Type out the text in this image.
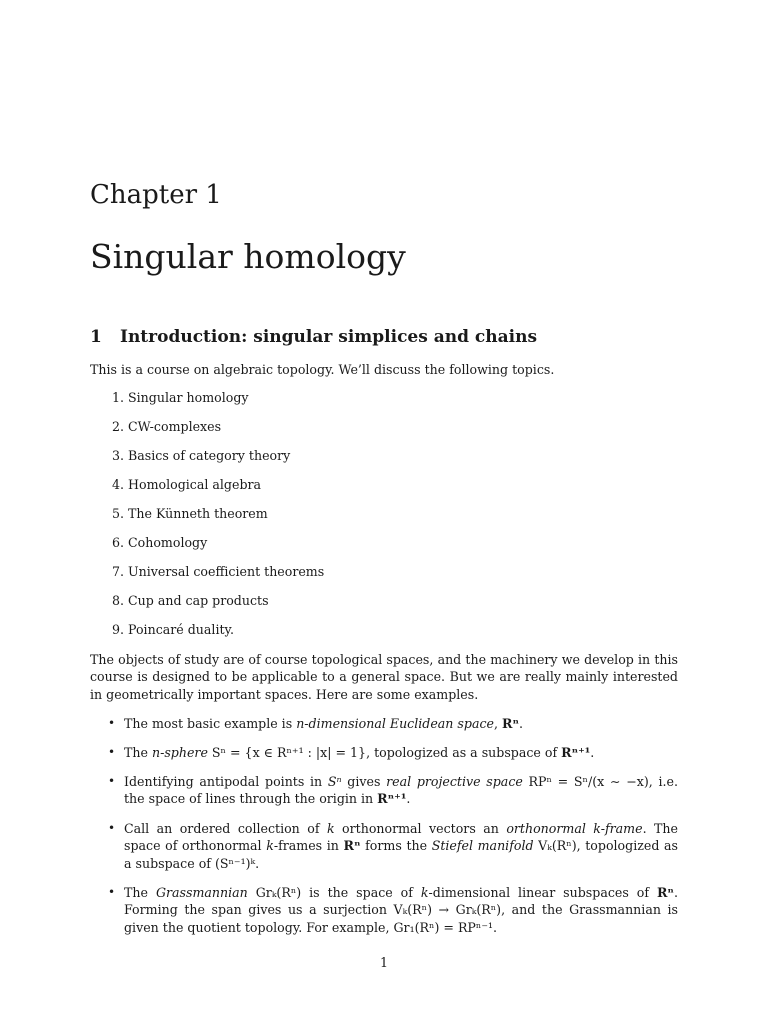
Chapter 1
Singular homology
1 Introduction: singular simplices and chains

This is a course on algebraic topology. We’ll discuss the following topics.

1. Singular homology
2. CW-complexes
3. Basics of category theory
4. Homological algebra
5. The Künneth theorem
6. Cohomology
7. Universal coefficient theorems
8. Cup and cap products
9. Poincaré duality.

The objects of study are of course topological spaces, and the machinery we develop in this course is designed to be applicable to a general space. But we are really mainly interested in geometrically important spaces. Here are some examples.

• The most basic example is n-dimensional Euclidean space, Rⁿ.

• The n-sphere Sⁿ = {x ∈ Rⁿ⁺¹ : |x| = 1}, topologized as a subspace of Rⁿ⁺¹.

• Identifying antipodal points in Sⁿ gives real projective space RPⁿ = Sⁿ/(x ∼ −x), i.e. the space of lines through the origin in Rⁿ⁺¹.

• Call an ordered collection of k orthonormal vectors an orthonormal k-frame. The space of orthonormal k-frames in Rⁿ forms the Stiefel manifold Vₖ(Rⁿ), topologized as a subspace of (Sⁿ⁻¹)ᵏ.

• The Grassmannian Grₖ(Rⁿ) is the space of k-dimensional linear subspaces of Rⁿ. Forming the span gives us a surjection Vₖ(Rⁿ) → Grₖ(Rⁿ), and the Grassmannian is given the quotient topology. For example, Gr₁(Rⁿ) = RPⁿ⁻¹.

1
